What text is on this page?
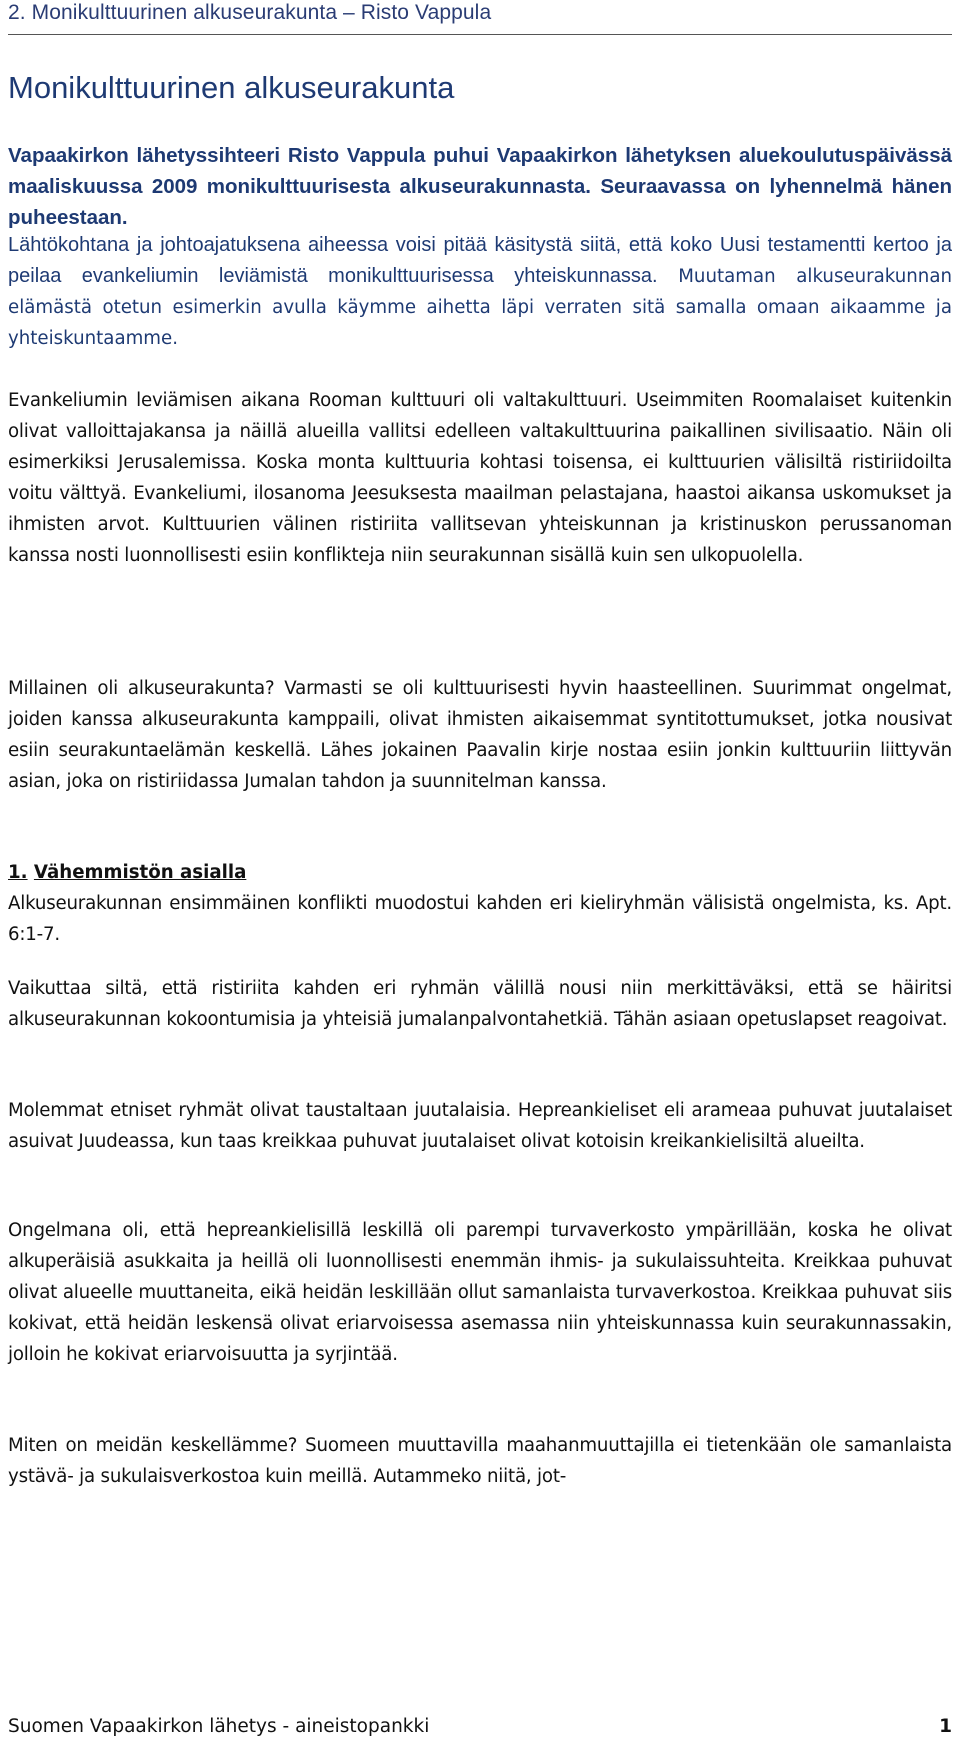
2. Monikulttuurinen alkuseurakunta – Risto Vappula
Monikulttuurinen alkuseurakunta

Vapaakirkon lähetyssihteeri Risto Vappula puhui Vapaakirkon lähetyksen aluekoulutuspäivässä maaliskuussa 2009 monikulttuurisesta alkuseurakunnasta. Seuraavassa on lyhennelmä hänen puheestaan.

Lähtökohtana ja johtoajatuksena aiheessa voisi pitää käsitystä siitä, että koko Uusi testamentti kertoo ja peilaa evankeliumin leviämistä monikulttuurisessa yhteiskunnassa. Muutaman alkuseurakunnan elämästä otetun esimerkin avulla käymme aihetta läpi verraten sitä samalla omaan aikaamme ja yhteiskuntaamme.

Evankeliumin leviämisen aikana Rooman kulttuuri oli valtakulttuuri. Useimmiten Roomalaiset kuitenkin olivat valloittajakansa ja näillä alueilla vallitsi edelleen valtakulttuurina paikallinen sivilisaatio. Näin oli esimerkiksi Jerusalemissa. Koska monta kulttuuria kohtasi toisensa, ei kulttuurien välisiltä ristiriidoilta voitu välttyä. Evankeliumi, ilosanoma Jeesuksesta maailman pelastajana, haastoi aikansa uskomukset ja ihmisten arvot. Kulttuurien välinen ristiriita vallitsevan yhteiskunnan ja kristinuskon perussanoman kanssa nosti luonnollisesti esiin konflikteja niin seurakunnan sisällä kuin sen ulkopuolella.

Millainen oli alkuseurakunta? Varmasti se oli kulttuurisesti hyvin haasteellinen. Suurimmat ongelmat, joiden kanssa alkuseurakunta kamppaili, olivat ihmisten aikaisemmat syntitottumukset, jotka nousivat esiin seurakuntaelämän keskellä. Lähes jokainen Paavalin kirje nostaa esiin jonkin kulttuuriin liittyvän asian, joka on ristiriidassa Jumalan tahdon ja suunnitelman kanssa.

1. Vähemmistön asialla

Alkuseurakunnan ensimmäinen konflikti muodostui kahden eri kieliryhmän välisistä ongelmista, ks. Apt. 6:1-7.

Vaikuttaa siltä, että ristiriita kahden eri ryhmän välillä nousi niin merkittäväksi, että se häiritsi alkuseurakunnan kokoontumisia ja yhteisiä jumalanpalvontahetkiä. Tähän asiaan opetuslapset reagoivat.

Molemmat etniset ryhmät olivat taustaltaan juutalaisia. Hepreankieliset eli arameaa puhuvat juutalaiset asuivat Juudeassa, kun taas kreikkaa puhuvat juutalaiset olivat kotoisin kreikankielisiltä alueilta.

Ongelmana oli, että hepreankielisillä leskillä oli parempi turvaverkosto ympärillään, koska he olivat alkuperäisiä asukkaita ja heillä oli luonnollisesti enemmän ihmis- ja sukulaissuhteita. Kreikkaa puhuvat olivat alueelle muuttaneita, eikä heidän leskillään ollut samanlaista turvaverkostoa. Kreikkaa puhuvat siis kokivat, että heidän leskensä olivat eriarvoisessa asemassa niin yhteiskunnassa kuin seurakunnassakin, jolloin he kokivat eriarvoisuutta ja syrjintää.

Miten on meidän keskellämme? Suomeen muuttavilla maahanmuuttajilla ei tietenkään ole samanlaista ystävä- ja sukulaisverkostoa kuin meillä. Autammeko niitä, jot-

Suomen Vapaakirkon lähetys - aineistopankki	1
